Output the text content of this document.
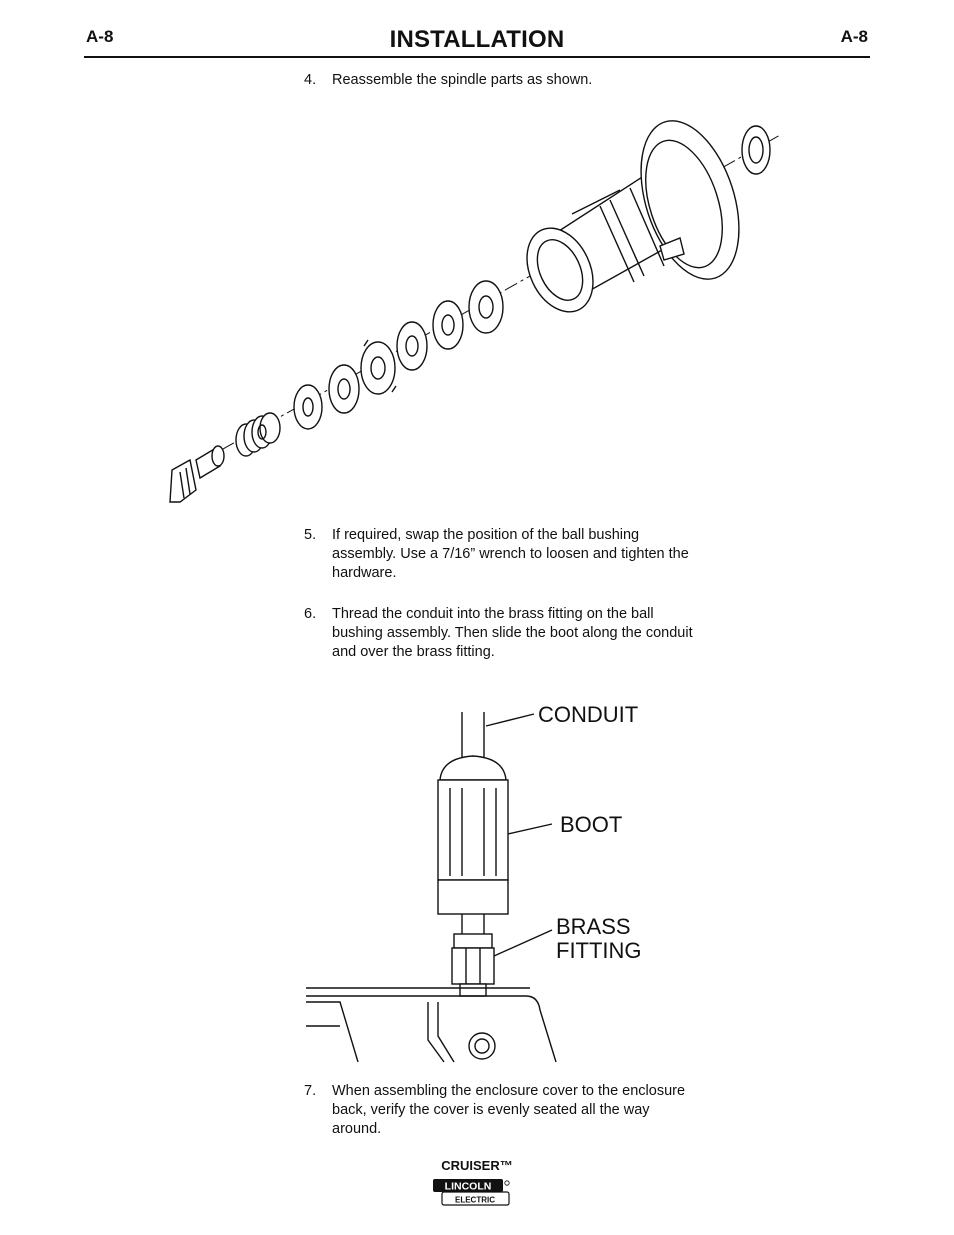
A-8	INSTALLATION	A-8
4. Reassemble the spindle parts as shown.
5. If required, swap the position of the ball bushing assembly. Use a 7/16” wrench to loosen and tighten the hardware.
6. Thread the conduit into the brass fitting on the ball bushing assembly. Then slide the boot along the conduit and over the brass fitting.
CONDUIT
BOOT
BRASS
FITTING
7. When assembling the enclosure cover to the enclosure back, verify the cover is evenly seated all the way around.
CRUISER™
LINCOLN
ELECTRIC
